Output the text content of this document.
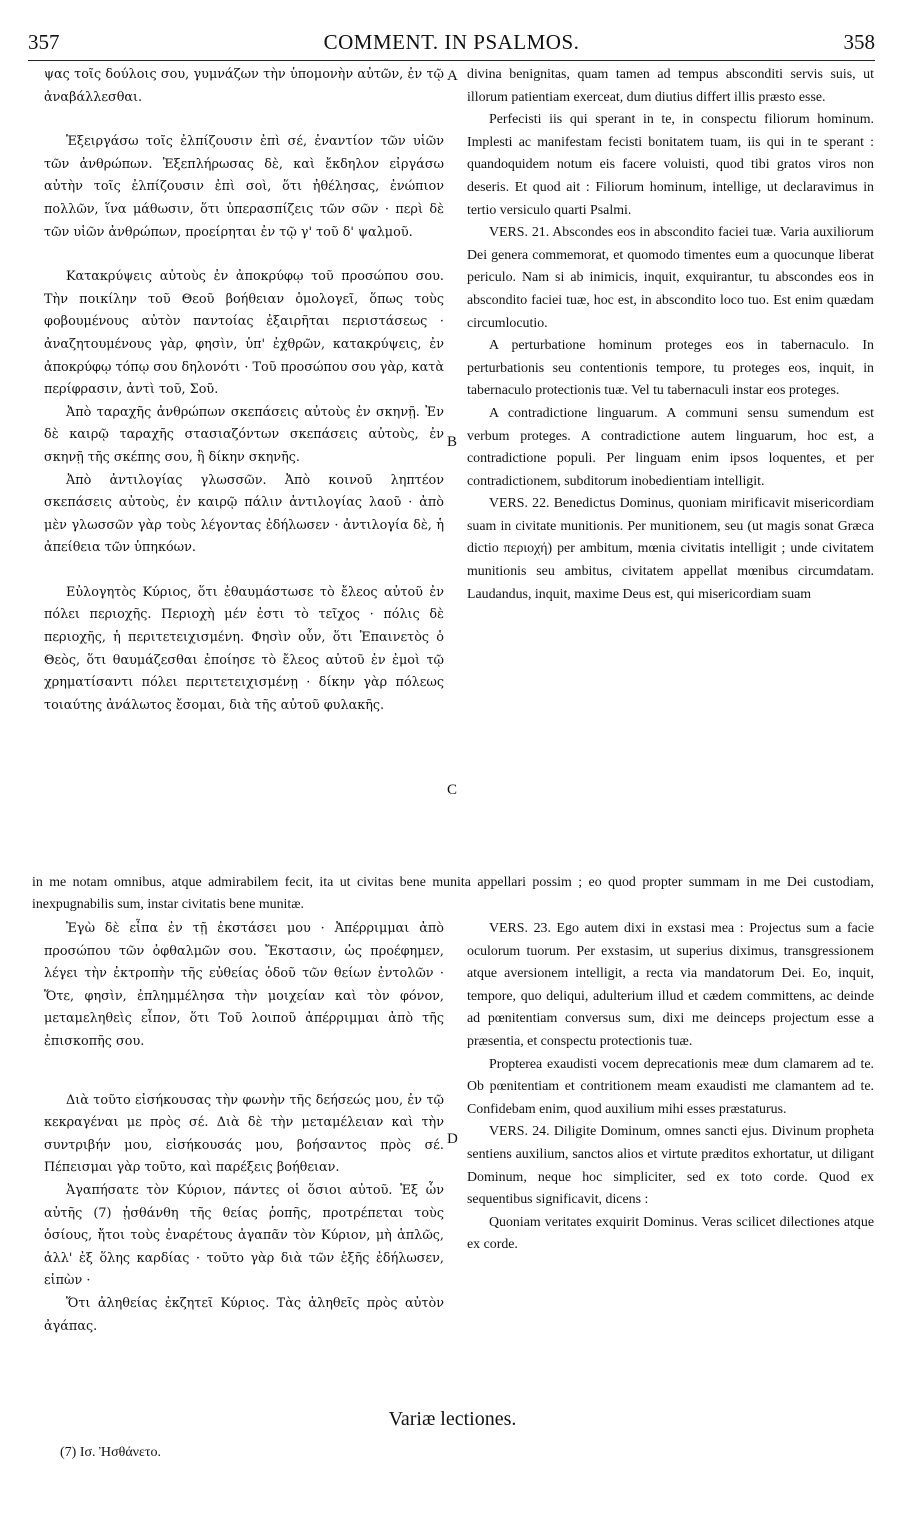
357	COMMENT. IN PSALMOS.	358

ψας τοῖς δούλοις σου, γυμνάζων τὴν ὑπομονὴν αὐτῶν, ἐν τῷ ἀναβάλλεσθαι.

Ἐξειργάσω τοῖς ἐλπίζουσιν ἐπὶ σέ, ἐναντίον τῶν υἱῶν τῶν ἀνθρώπων. Ἐξεπλήρωσας δὲ, καὶ ἔκδηλον εἰργάσω αὐτὴν τοῖς ἐλπίζουσιν ἐπὶ σοὶ, ὅτι ἠθέλησας, ἐνώπιον πολλῶν, ἵνα μάθωσιν, ὅτι ὑπερασπίζεις τῶν σῶν · περὶ δὲ τῶν υἱῶν ἀνθρώπων, προείρηται ἐν τῷ γ' τοῦ δ' ψαλμοῦ.

Κατακρύψεις αὐτοὺς ἐν ἀποκρύφῳ τοῦ προσώπου σου. Τὴν ποικίλην τοῦ Θεοῦ βοήθειαν ὁμολογεῖ, ὅπως τοὺς φοβουμένους αὐτὸν παντοίας ἐξαιρῆται περιστάσεως · ἀναζητουμένους γὰρ, φησὶν, ὑπ' ἐχθρῶν, κατακρύψεις, ἐν ἀποκρύφῳ τόπῳ σου δηλονότι · Τοῦ προσώπου σου γὰρ, κατὰ περίφρασιν, ἀντὶ τοῦ, Σοῦ.

Ἀπὸ ταραχῆς ἀνθρώπων σκεπάσεις αὐτοὺς ἐν σκηνῇ. Ἐν δὲ καιρῷ ταραχῆς στασιαζόντων σκεπάσεις αὐτοὺς, ἐν σκηνῇ τῆς σκέπης σου, ἢ δίκην σκηνῆς.

Ἀπὸ ἀντιλογίας γλωσσῶν. Ἀπὸ κοινοῦ ληπτέον σκεπάσεις αὐτοὺς, ἐν καιρῷ πάλιν ἀντιλογίας λαοῦ · ἀπὸ μὲν γλωσσῶν γὰρ τοὺς λέγοντας ἐδήλωσεν · ἀντιλογία δὲ, ἡ ἀπείθεια τῶν ὑπηκόων.

Εὐλογητὸς Κύριος, ὅτι ἐθαυμάστωσε τὸ ἔλεος αὐτοῦ ἐν πόλει περιοχῆς. Περιοχὴ μέν ἐστι τὸ τεῖχος · πόλις δὲ περιοχῆς, ἡ περιτετειχισμένη. Φησὶν οὖν, ὅτι Ἐπαινετὸς ὁ Θεὸς, ὅτι θαυμάζεσθαι ἐποίησε τὸ ἔλεος αὐτοῦ ἐν ἐμοὶ τῷ χρηματίσαντι πόλει περιτετειχισμένῃ · δίκην γὰρ πόλεως τοιαύτης ἀνάλωτος ἔσομαι, διὰ τῆς αὐτοῦ φυλακῆς.

divina benignitas, quam tamen ad tempus absconditi servis suis, ut illorum patientiam exerceat, dum diutius differt illis præsto esse.

Perfecisti iis qui sperant in te, in conspectu filiorum hominum. Implesti ac manifestam fecisti bonitatem tuam, iis qui in te sperant : quandoquidem notum eis facere voluisti, quod tibi gratos viros non deseris. Et quod ait : Filiorum hominum, intellige, ut declaravimus in tertio versiculo quarti Psalmi.

VERS. 21. Abscondes eos in abscondito faciei tuæ. Varia auxiliorum Dei genera commemorat, et quomodo timentes eum a quocunque liberat periculo. Nam si ab inimicis, inquit, exquirantur, tu abscondes eos in abscondito faciei tuæ, hoc est, in abscondito loco tuo. Est enim quædam circumlocutio.

A perturbatione hominum proteges eos in tabernaculo. In perturbationis seu contentionis tempore, tu proteges eos, inquit, in tabernaculo protectionis tuæ. Vel tu tabernaculi instar eos proteges.

A contradictione linguarum. A communi sensu sumendum est verbum proteges. A contradictione autem linguarum, hoc est, a contradictione populi. Per linguam enim ipsos loquentes, et per contradictionem, subditorum inobedientiam intelligit.

VERS. 22. Benedictus Dominus, quoniam mirificavit misericordiam suam in civitate munitionis. Per munitionem, seu (ut magis sonat Græca dictio περιοχή) per ambitum, mœnia civitatis intelligit ; unde civitatem munitionis seu ambitus, civitatem appellat mœnibus circumdatam. Laudandus, inquit, maxime Deus est, qui misericordiam suam

in me notam omnibus, atque admirabilem fecit, ita ut civitas bene munita appellari possim ; eo quod propter summam in me Dei custodiam, inexpugnabilis sum, instar civitatis bene munitæ.

Ἐγὼ δὲ εἶπα ἐν τῇ ἐκστάσει μου · Ἀπέρριμμαι ἀπὸ προσώπου τῶν ὀφθαλμῶν σου. Ἔκστασιν, ὡς προέφημεν, λέγει τὴν ἐκτροπὴν τῆς εὐθείας ὁδοῦ τῶν θείων ἐντολῶν · Ὅτε, φησὶν, ἐπλημμέλησα τὴν μοιχείαν καὶ τὸν φόνον, μεταμεληθεὶς εἶπον, ὅτι Τοῦ λοιποῦ ἀπέρριμμαι ἀπὸ τῆς ἐπισκοπῆς σου.

Διὰ τοῦτο εἰσήκουσας τὴν φωνὴν τῆς δεήσεώς μου, ἐν τῷ κεκραγέναι με πρὸς σέ. Διὰ δὲ τὴν μεταμέλειαν καὶ τὴν συντριβήν μου, εἰσήκουσάς μου, βοήσαντος πρὸς σέ. Πέπεισμαι γὰρ τοῦτο, καὶ παρέξεις βοήθειαν.

Ἀγαπήσατε τὸν Κύριον, πάντες οἱ ὅσιοι αὐτοῦ. Ἐξ ὧν αὐτῆς (7) ᾐσθάνθη τῆς θείας ῥοπῆς, προτρέπεται τοὺς ὁσίους, ἤτοι τοὺς ἐναρέτους ἀγαπᾶν τὸν Κύριον, μὴ ἁπλῶς, ἀλλ' ἐξ ὅλης καρδίας · τοῦτο γὰρ διὰ τῶν ἑξῆς ἐδήλωσεν, εἰπὼν ·

Ὅτι ἀληθείας ἐκζητεῖ Κύριος. Τὰς ἀληθεῖς πρὸς αὐτὸν ἀγάπας.

VERS. 23. Ego autem dixi in exstasi mea : Projectus sum a facie oculorum tuorum. Per exstasim, ut superius diximus, transgressionem atque aversionem intelligit, a recta via mandatorum Dei. Eo, inquit, tempore, quo deliqui, adulterium illud et cædem committens, ac deinde ad pœnitentiam conversus sum, dixi me deinceps projectum esse a præsentia, et conspectu protectionis tuæ.

Propterea exaudisti vocem deprecationis meæ dum clamarem ad te. Ob pœnitentiam et contritionem meam exaudisti me clamantem ad te. Confidebam enim, quod auxilium mihi esses præstaturus.

VERS. 24. Diligite Dominum, omnes sancti ejus. Divinum prophetа sentiens auxilium, sanctos alios et virtute præditos exhortatur, ut diligant Dominum, neque hoc simpliciter, sed ex toto corde. Quod ex sequentibus significavit, dicens :

Quoniam veritates exquirit Dominus. Veras scilicet dilectiones atque ex corde.

A
B
C
D
Variæ lectiones.
(7) Ισ. Ἠσθάνετο.
